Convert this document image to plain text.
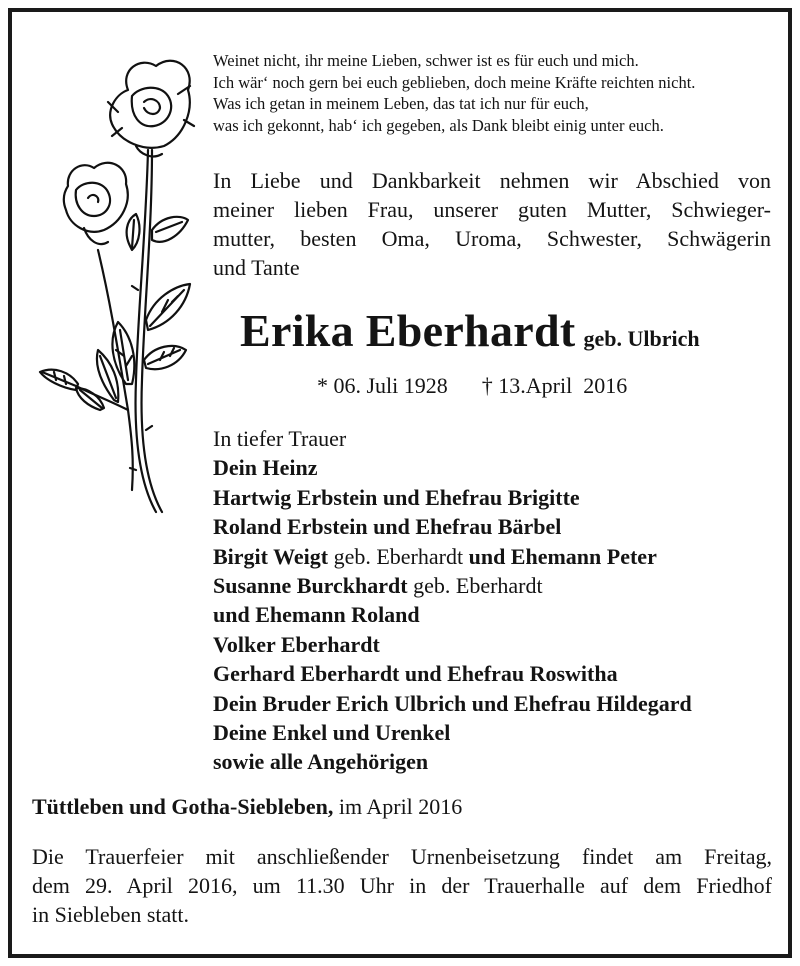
Weinet nicht, ihr meine Lieben, schwer ist es für euch und mich.
Ich wär‘ noch gern bei euch geblieben, doch meine Kräfte reichten nicht.
Was ich getan in meinem Leben, das tat ich nur für euch,
was ich gekonnt, hab‘ ich gegeben, als Dank bleibt einig unter euch.
In Liebe und Dankbarkeit nehmen wir Abschied von
meiner lieben Frau, unserer guten Mutter, Schwieger-
mutter, besten Oma, Uroma, Schwester, Schwägerin
und Tante
Erika Eberhardt geb. Ulbrich
* 06. Juli 1928 † 13.April  2016
In tiefer Trauer
Dein Heinz
Hartwig Erbstein und Ehefrau Brigitte
Roland Erbstein und Ehefrau Bärbel
Birgit Weigt geb. Eberhardt und Ehemann Peter
Susanne Burckhardt geb. Eberhardt
und Ehemann Roland
Volker Eberhardt
Gerhard Eberhardt und Ehefrau Roswitha
Dein Bruder Erich Ulbrich und Ehefrau Hildegard
Deine Enkel und Urenkel
sowie alle Angehörigen
Tüttleben und Gotha-Siebleben, im April 2016
Die Trauerfeier mit anschließender Urnenbeisetzung findet am Freitag,
dem 29. April 2016, um 11.30 Uhr in der Trauerhalle auf dem Friedhof
in Siebleben statt.
